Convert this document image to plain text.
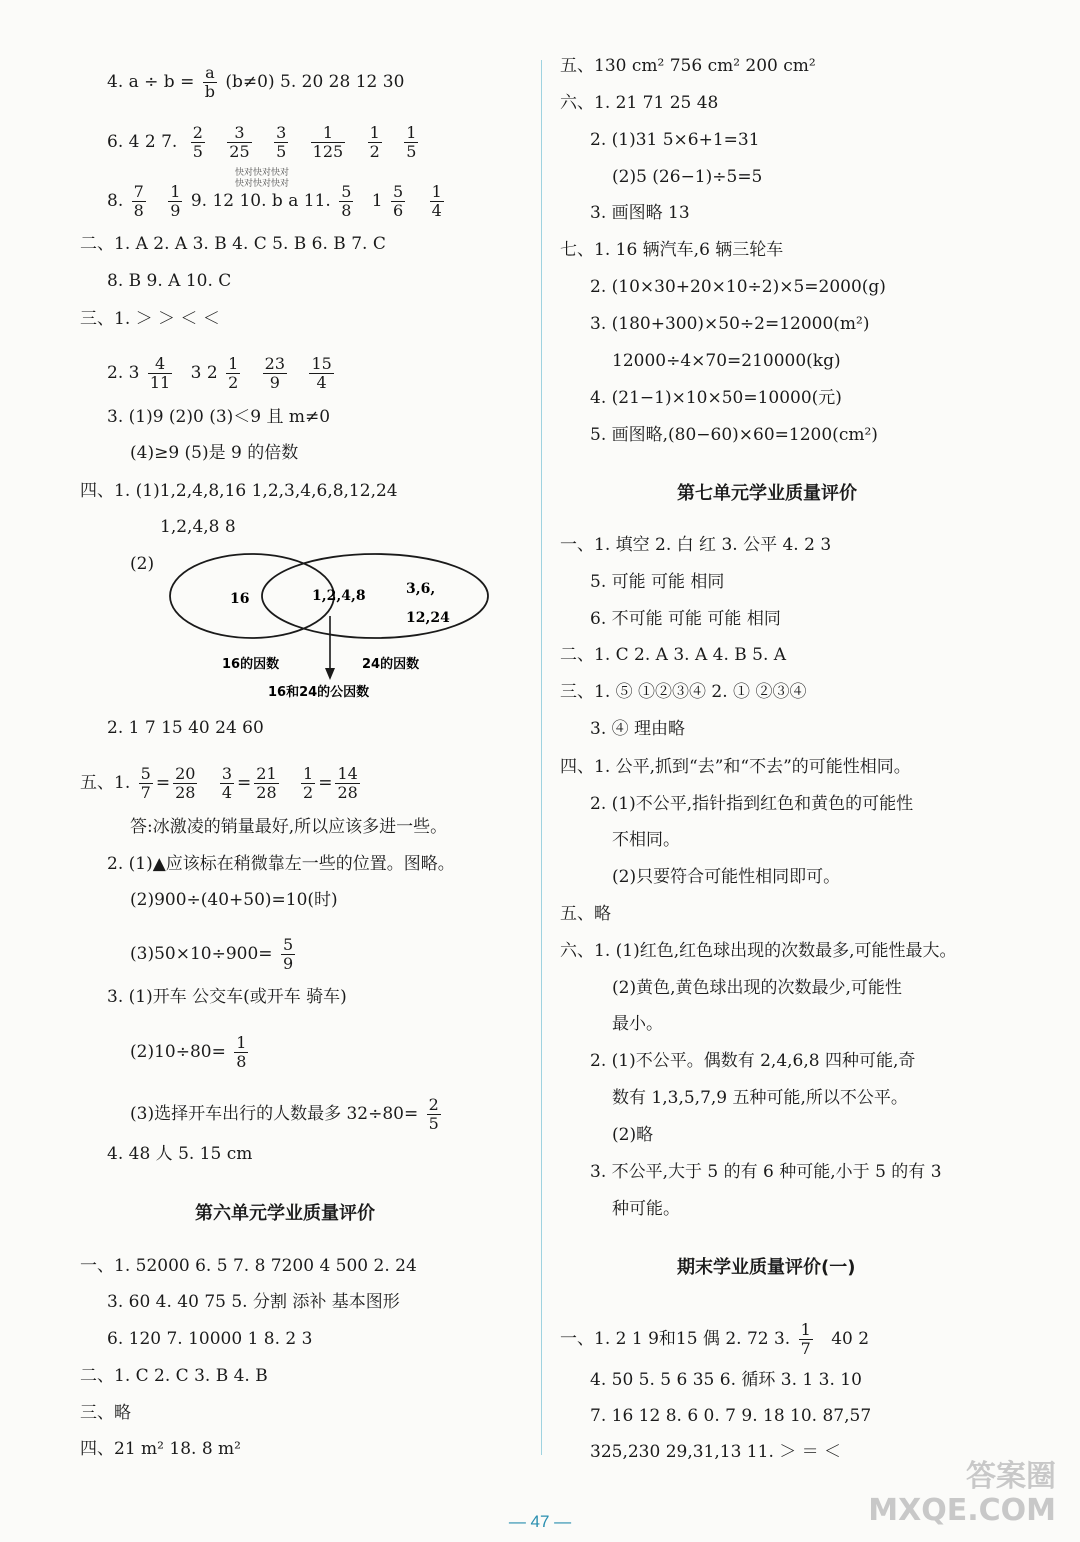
4. $a \div b = \frac{a}{b} (b\ne 0)$ 5. 20 28 12 30
6. 4 2 7. $\frac{2}{5}$
$\frac{3}{25}$
$\frac{3}{5}$
$\frac{1}{125}$
$\frac{1}{2}$
$\frac{1}{5}$
8. $\frac{7}{8}$
$\frac{1}{9} 9$. 12 10. b a 11. $\frac{5}{8} 1 \frac{5}{6}$
$\frac{1}{4}$
二、1. A 2. A 3. B 4. C 5. B 6. B 7. C
8. B 9. A 10. C
三、1. ＞ ＞ ＜ ＜
2. $3 \frac{4}{11} 3$ $2 \frac{1}{2}$
$\frac{23}{9}$
$\frac{15}{4}$
3. (1)9 (2)0 (3)＜9 且 m≠0
(4)≥9 (5)是 9 的倍数
四、1. (1)1,2,4,8,16 1,2,3,4,6,8,12,24
1,2,4,8 8
(2)
16	1,2,4,8	3,6,
12,24
16的因数	24的因数
16和24的公因数
2. 1 7 15 40 24 60
五、1. $\frac{5}{7} = \frac{20}{28}$
$\frac{3}{4} = \frac{21}{28}$
$\frac{1}{2} = \frac{14}{28}$
答:冰激凌的销量最好,所以应该多进一些。
2. (1)▲应该标在稍微靠左一些的位置。图略。
(2)900÷(40+50)=10(时)
$(3)50\times 10\div 900= \frac{5}{9}$
3. (1)开车 公交车(或开车 骑车)
$(2)10\div 80= \frac{1}{8}$
(3)选择开车出行的人数最多 $32\div 80= \frac{2}{5}$
4. 48 人 5. 15 cm
第六单元学业质量评价
一、1. 52000 6. 5 7. 8 7200 4 500 2. 24
3. 60 4. 40 75 5. 分割 添补 基本图形
6. 120 7. 10000 1 8. 2 3
二、1. C 2. C 3. B 4. B
三、略
四、21 m² 18. 8 m²
五、130 cm² 756 cm² 200 cm²
六、1. 21 71 25 48
2. (1)31 5×6+1=31
(2)5 (26−1)÷5=5
3. 画图略 13
七、1. 16 辆汽车,6 辆三轮车
2. (10×30+20×10÷2)×5=2000(g)
3. (180+300)×50÷2=12000(m²)
12000÷4×70=210000(kg)
4. (21−1)×10×50=10000(元)
5. 画图略,(80−60)×60=1200(cm²)
第七单元学业质量评价
一、1. 填空 2. 白 红 3. 公平 4. 2 3
5. 可能 可能 相同
6. 不可能 可能 可能 相同
二、1. C 2. A 3. A 4. B 5. A
三、1. ⑤ ①②③④ 2. ① ②③④
3. ④ 理由略
四、1. 公平,抓到“去”和“不去”的可能性相同。
2. (1)不公平,指针指到红色和黄色的可能性
不相同。
(2)只要符合可能性相同即可。
五、略
六、1. (1)红色,红色球出现的次数最多,可能性最大。
(2)黄色,黄色球出现的次数最少,可能性
最小。
2. (1)不公平。偶数有 2,4,6,8 四种可能,奇
数有 1,3,5,7,9 五种可能,所以不公平。
(2)略
3. 不公平,大于 5 的有 6 种可能,小于 5 的有 3
种可能。
期末学业质量评价(一)
一、1. 2 1 9和15 偶 2. 72 3. $\frac{1}{7} 40$ 2
4. 50 5. 5 6 35 6. 循环 3. 1 3. 10
7. 16 12 8. 6 0. 7 9. 18 10. 87,57
325,230 29,31,13 11. ＞ ＝ ＜
快对快对快对
快对快对快对
— 47 —
答案圈
MXQE.COM
